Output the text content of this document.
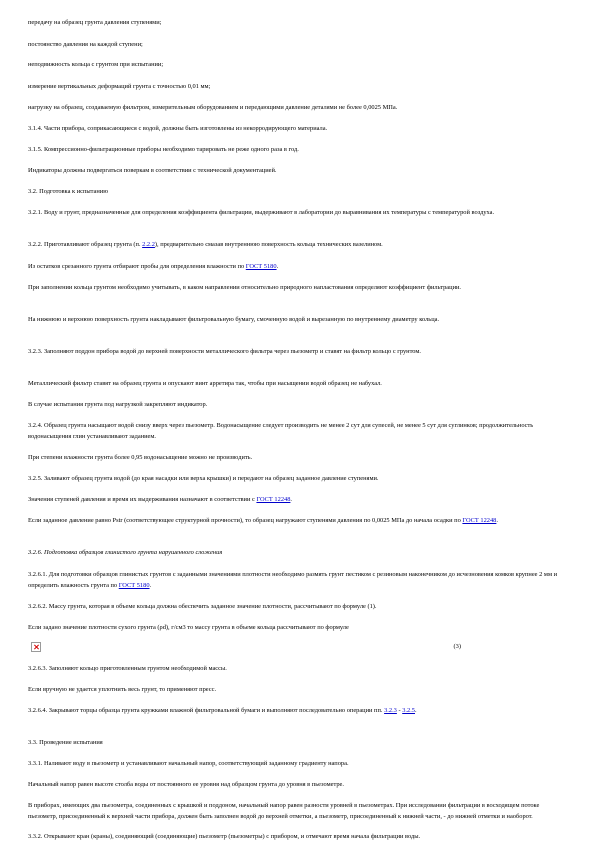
передачу на образец грунта давления ступенями;
постоянство давления на каждой ступени;
неподвижность кольца с грунтом при испытании;
измерение вертикальных деформаций грунта с точностью 0,01 мм;
нагрузку на образец, создаваемую фильтром, измерительным оборудованием и передающими давление деталями не более 0,0025 МПа.
3.1.4. Части прибора, соприкасающиеся с водой, должны быть изготовлены из некорродирующего материала.
3.1.5. Компрессионно-фильтрационные приборы необходимо тарировать не реже одного раза в год.
Индикаторы должны подвергаться поверкам в соответствии с технической документацией.
3.2. Подготовка к испытанию
3.2.1. Воду и грунт, предназначенные для определения коэффициента фильтрации, выдерживают в лаборатории до выравнивания их температуры с температурой воздуха.
3.2.2. Приготавливают образец грунта (п. 2.2.2), предварительно смазав внутреннюю поверхность кольца технических вазелином.
Из остатков срезанного грунта отбирают пробы для определения влажности по ГОСТ 5180.
При заполнении кольца грунтом необходимо учитывать, в каком направлении относительно природного напластования определяют коэффициент фильтрации.
На нижнюю и верхнюю поверхность грунта накладывают фильтровальную бумагу, смоченную водой и вырезанную по внутреннему диаметру кольца.
3.2.3. Заполняют поддон прибора водой до верхней поверхности металлического фильтра через пьезометр и ставят на фильтр кольцо с грунтом.
Металлический фильтр ставят на образец грунта и опускают винт арретира так, чтобы при насыщении водой образец не набухал.
В случае испытания грунта под нагрузкой закрепляют индикатор.
3.2.4. Образец грунта насыщают водой снизу вверх через пьезометр. Водонасыщение следует производить не менее 2 сут для супесей, не менее 5 сут для суглинков; продолжительность водонасыщения глин устанавливают заданием.
При степени влажности грунта более 0,95 водонасыщение можно не производить.
3.2.5. Заливают образец грунта водой (до края насадки или верха крышки) и передают на образец заданное давление ступенями.
Значения ступеней давления и время их выдерживания назначают в соответствии с ГОСТ 12248.
Если заданное давление равно Pstr (соответствующее структурной прочности), то образец нагружают ступенями давления по 0,0025 МПа до начала осадки по ГОСТ 12248.
3.2.6. Подготовка образцов глинистого грунта нарушенного сложения
3.2.6.1. Для подготовки образцов глинистых грунтов с заданными значениями плотности необходимо размять грунт пестиком с резиновым наконечником до исчезновения комков крупнее 2 мм и определить влажность грунта по ГОСТ 5180.
3.2.6.2. Массу грунта, которая в объеме кольца должна обеспечить заданное значение плотности, рассчитывают по формуле (1).
Если задано значение плотности сухого грунта (ρd), г/см3 то массу грунта в объеме кольца рассчитывают по формуле
(3)
3.2.6.3. Заполняют кольцо приготовленным грунтом необходимой массы.
Если вручную не удается уплотнить весь грунт, то применяют пресс.
3.2.6.4. Закрывают торцы образца грунта кружками влажной фильтровальной бумаги и выполняют последовательно операции пп. 3.2.3 - 3.2.5.
3.3. Проведение испытания
3.3.1. Наливают воду в пьезометр и устанавливают начальный напор, соответствующий заданному градиенту напора.
Начальный напор равен высоте столба воды от постоянного ее уровня над образцом грунта до уровня в пьезометре.
В приборах, имеющих два пьезометра, соединенных с крышкой и поддоном, начальный напор равен разности уровней в пьезометрах. При исследовании фильтрации в восходящем потоке пьезометр, присоединенный к верхней части прибора, должен быть заполнен водой до верхней отметки, а пьезометр, присоединенный к нижней части, - до нижней отметки и наоборот.
3.3.2. Открывают кран (краны), соединяющий (соединяющие) пьезометр (пьезометры) с прибором, и отмечают время начала фильтрации воды.
